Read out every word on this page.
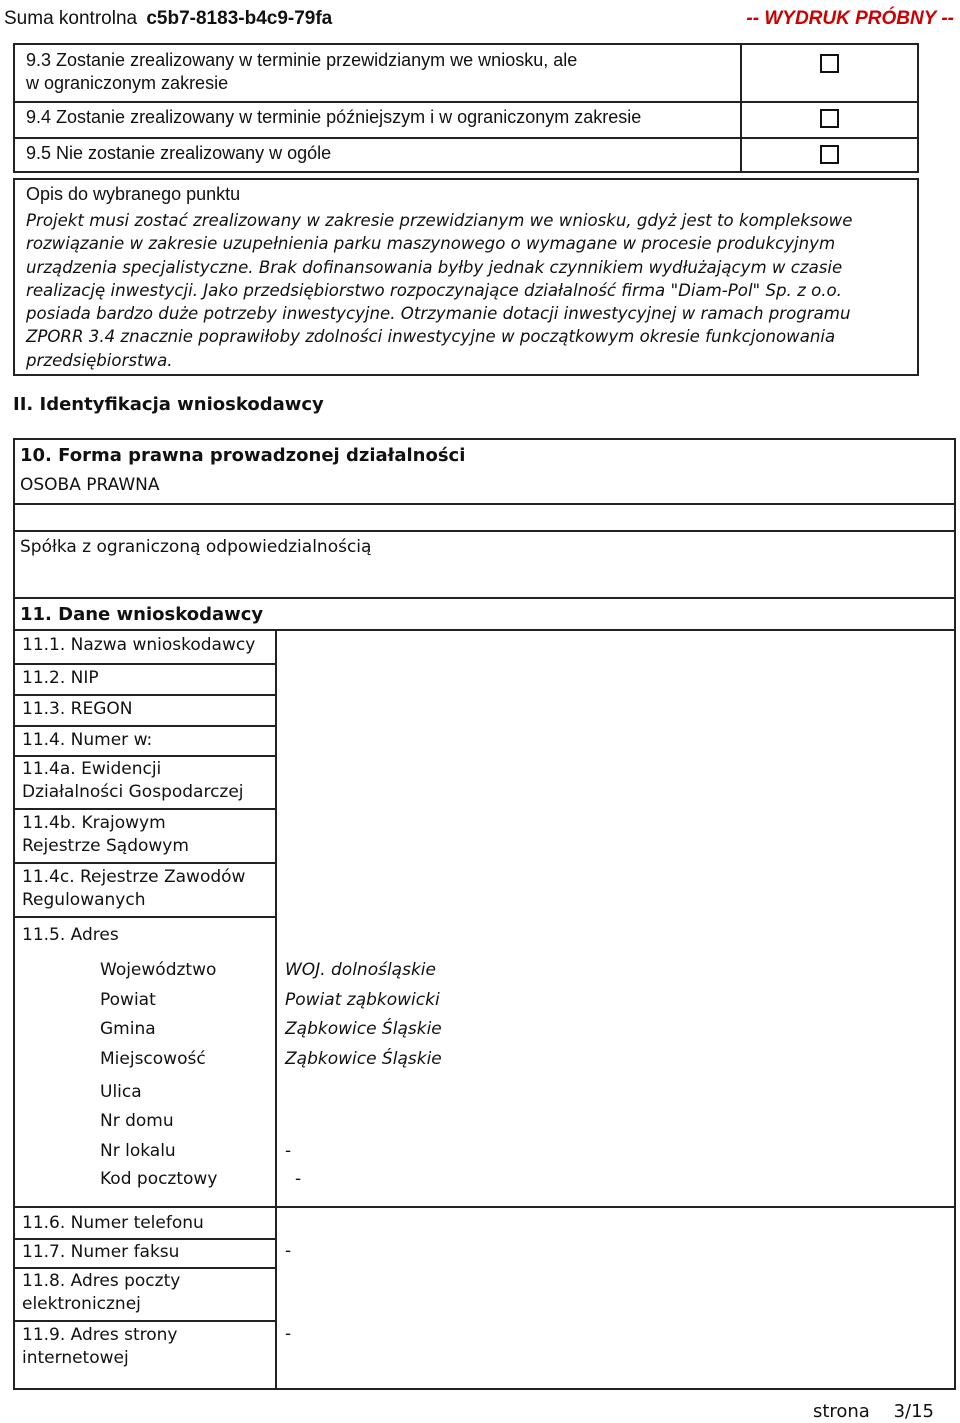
Suma kontrolna c5b7-8183-b4c9-79fa	-- WYDRUK PRÓBNY --
9.3 Zostanie zrealizowany w terminie przewidzianym we wniosku, ale
w ograniczonym zakresie
9.4 Zostanie zrealizowany w terminie późniejszym i w ograniczonym zakresie
9.5 Nie zostanie zrealizowany w ogóle
Opis do wybranego punktu
Projekt musi zostać zrealizowany w zakresie przewidzianym we wniosku, gdyż jest to kompleksowe
rozwiązanie w zakresie uzupełnienia parku maszynowego o wymagane w procesie produkcyjnym
urządzenia specjalistyczne. Brak dofinansowania byłby jednak czynnikiem wydłużającym w czasie
realizację inwestycji. Jako przedsiębiorstwo rozpoczynające działalność firma "Diam-Pol" Sp. z o.o.
posiada bardzo duże potrzeby inwestycyjne. Otrzymanie dotacji inwestycyjnej w ramach programu
ZPORR 3.4 znacznie poprawiłoby zdolności inwestycyjne w początkowym okresie funkcjonowania
przedsiębiorstwa.
II. Identyfikacja wnioskodawcy
10. Forma prawna prowadzonej działalności
OSOBA PRAWNA
Spółka z ograniczoną odpowiedzialnością
11. Dane wnioskodawcy
11.1. Nazwa wnioskodawcy
11.2. NIP
11.3. REGON
11.4. Numer w:
11.4a. Ewidencji
Działalności Gospodarczej
11.4b. Krajowym
Rejestrze Sądowym
11.4c. Rejestrze Zawodów
Regulowanych
11.5. Adres
Województwo	WOJ. dolnośląskie
Powiat	Powiat ząbkowicki
Gmina	Ząbkowice Śląskie
Miejscowość	Ząbkowice Śląskie
Ulica
Nr domu
Nr lokalu	-
Kod pocztowy	-
11.6. Numer telefonu
11.7. Numer faksu	-
11.8. Adres poczty
elektronicznej
11.9. Adres strony
internetowej
-
strona 3/15
